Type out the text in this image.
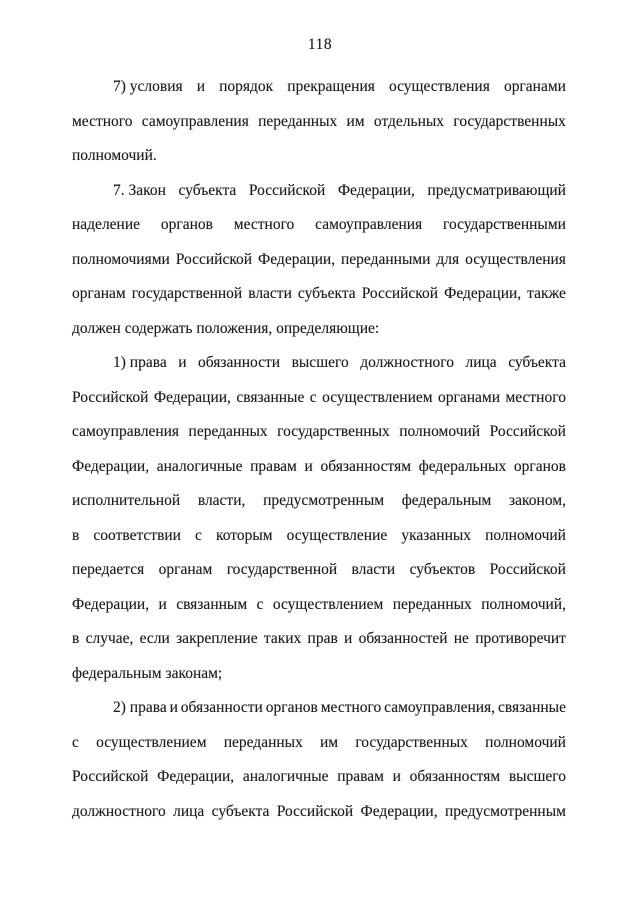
118
7) условия и порядок прекращения осуществления органами
местного самоуправления переданных им отдельных государственных
полномочий.
7. Закон субъекта Российской Федерации, предусматривающий
наделение органов местного самоуправления государственными
полномочиями Российской Федерации, переданными для осуществления
органам государственной власти субъекта Российской Федерации, также
должен содержать положения, определяющие:
1) права и обязанности высшего должностного лица субъекта
Российской Федерации, связанные с осуществлением органами местного
самоуправления переданных государственных полномочий Российской
Федерации, аналогичные правам и обязанностям федеральных органов
исполнительной власти, предусмотренным федеральным законом,
в соответствии с которым осуществление указанных полномочий
передается органам государственной власти субъектов Российской
Федерации, и связанным с осуществлением переданных полномочий,
в случае, если закрепление таких прав и обязанностей не противоречит
федеральным законам;
2) права и обязанности органов местного самоуправления, связанные
с осуществлением переданных им государственных полномочий
Российской Федерации, аналогичные правам и обязанностям высшего
должностного лица субъекта Российской Федерации, предусмотренным
